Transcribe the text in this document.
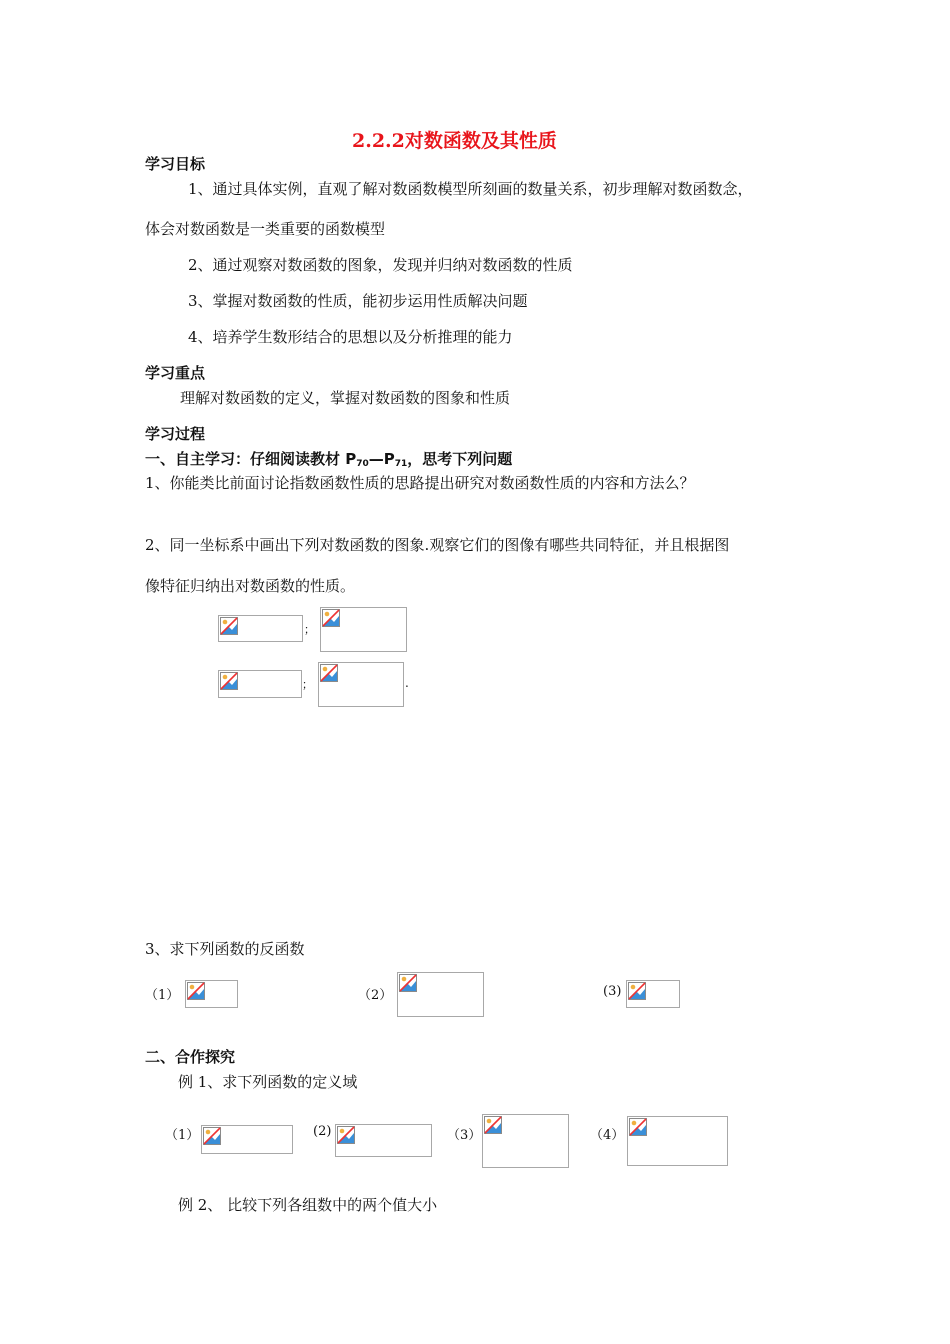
2.2.2对数函数及其性质
学习目标
1、通过具体实例，直观了解对数函数模型所刻画的数量关系，初步理解对数函数念，
体会对数函数是一类重要的函数模型
2、通过观察对数函数的图象，发现并归纳对数函数的性质
3、掌握对数函数的性质，能初步运用性质解决问题
4、培养学生数形结合的思想以及分析推理的能力
学习重点
理解对数函数的定义，掌握对数函数的图象和性质
学习过程
一、自主学习：仔细阅读教材 $P_{70}—P_{71}$，思考下列问题
1、你能类比前面讨论指数函数性质的思路提出研究对数函数性质的内容和方法么？
2、同一坐标系中画出下列对数函数的图象.观察它们的图像有哪些共同特征，并且根据图
像特征归纳出对数函数的性质。
；
；	.
3、求下列函数的反函数
（1）	（2）	(3)
二、合作探究
例 1、求下列函数的定义域
（1）	(2)	（3）	（4）
例 2、 比较下列各组数中的两个值大小
